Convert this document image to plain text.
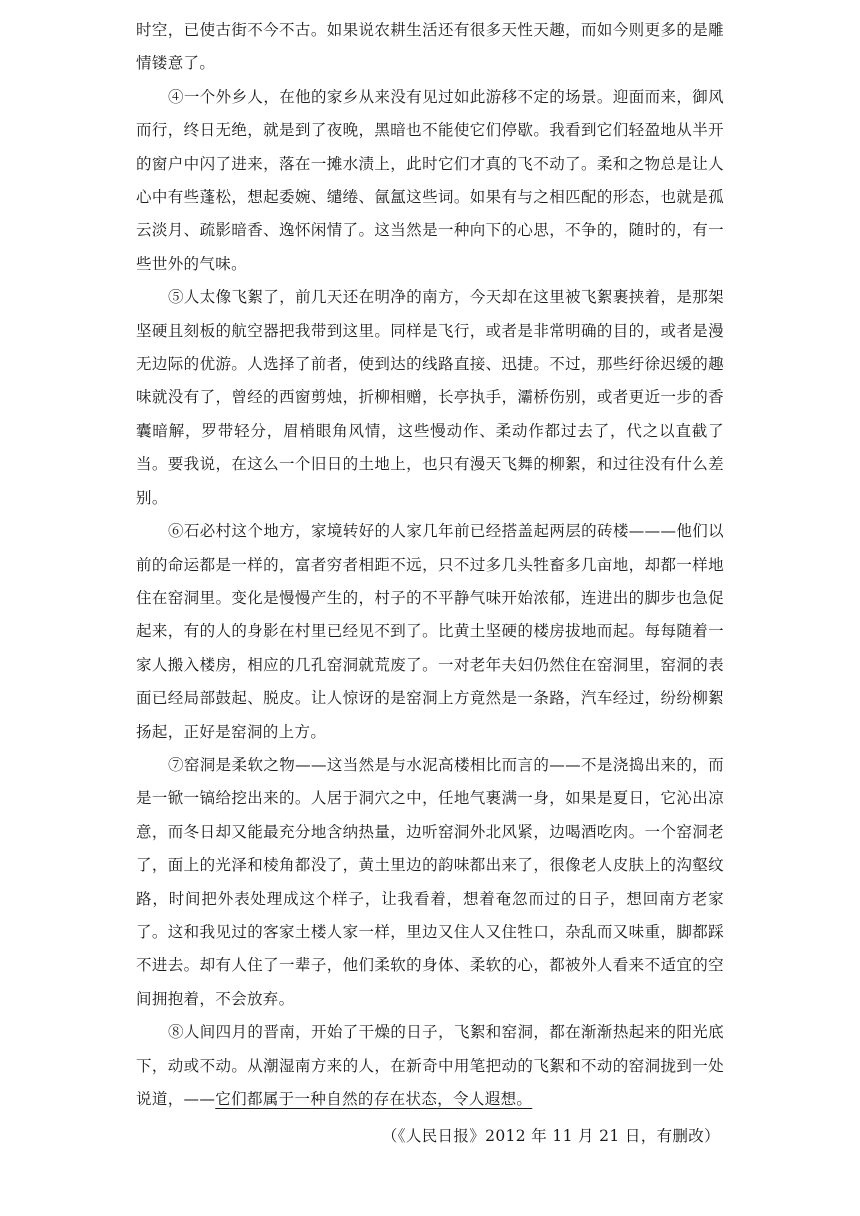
时空，已使古街不今不古。如果说农耕生活还有很多天性天趣，而如今则更多的是雕情镂意了。

④一个外乡人，在他的家乡从来没有见过如此游移不定的场景。迎面而来，御风而行，终日无绝，就是到了夜晚，黑暗也不能使它们停歇。我看到它们轻盈地从半开的窗户中闪了进来，落在一摊水渍上，此时它们才真的飞不动了。柔和之物总是让人心中有些蓬松，想起委婉、缱绻、氤氲这些词。如果有与之相匹配的形态，也就是孤云淡月、疏影暗香、逸怀闲情了。这当然是一种向下的心思，不争的，随时的，有一些世外的气味。

⑤人太像飞絮了，前几天还在明净的南方，今天却在这里被飞絮裹挟着，是那架坚硬且刻板的航空器把我带到这里。同样是飞行，或者是非常明确的目的，或者是漫无边际的优游。人选择了前者，使到达的线路直接、迅捷。不过，那些纡徐迟缓的趣味就没有了，曾经的西窗剪烛，折柳相赠，长亭执手，灞桥伤别，或者更近一步的香囊暗解，罗带轻分，眉梢眼角风情，这些慢动作、柔动作都过去了，代之以直截了当。要我说，在这么一个旧日的土地上，也只有漫天飞舞的柳絮，和过往没有什么差别。

⑥石必村这个地方，家境转好的人家几年前已经搭盖起两层的砖楼———他们以前的命运都是一样的，富者穷者相距不远，只不过多几头牲畜多几亩地，却都一样地住在窑洞里。变化是慢慢产生的，村子的不平静气味开始浓郁，连进出的脚步也急促起来，有的人的身影在村里已经见不到了。比黄土坚硬的楼房拔地而起。每每随着一家人搬入楼房，相应的几孔窑洞就荒废了。一对老年夫妇仍然住在窑洞里，窑洞的表面已经局部鼓起、脱皮。让人惊讶的是窑洞上方竟然是一条路，汽车经过，纷纷柳絮扬起，正好是窑洞的上方。

⑦窑洞是柔软之物——这当然是与水泥高楼相比而言的——不是浇捣出来的，而是一锨一镐给挖出来的。人居于洞穴之中，任地气裹满一身，如果是夏日，它沁出凉意，而冬日却又能最充分地含纳热量，边听窑洞外北风紧，边喝酒吃肉。一个窑洞老了，面上的光泽和棱角都没了，黄土里边的韵味都出来了，很像老人皮肤上的沟壑纹路，时间把外表处理成这个样子，让我看着，想着奄忽而过的日子，想回南方老家了。这和我见过的客家土楼人家一样，里边又住人又住牲口，杂乱而又味重，脚都踩不进去。却有人住了一辈子，他们柔软的身体、柔软的心，都被外人看来不适宜的空间拥抱着，不会放弃。

⑧人间四月的晋南，开始了干燥的日子，飞絮和窑洞，都在渐渐热起来的阳光底下，动或不动。从潮湿南方来的人，在新奇中用笔把动的飞絮和不动的窑洞拢到一处说道，——它们都属于一种自然的存在状态，令人遐想。

（《人民日报》2012 年 11 月 21 日，有删改）
